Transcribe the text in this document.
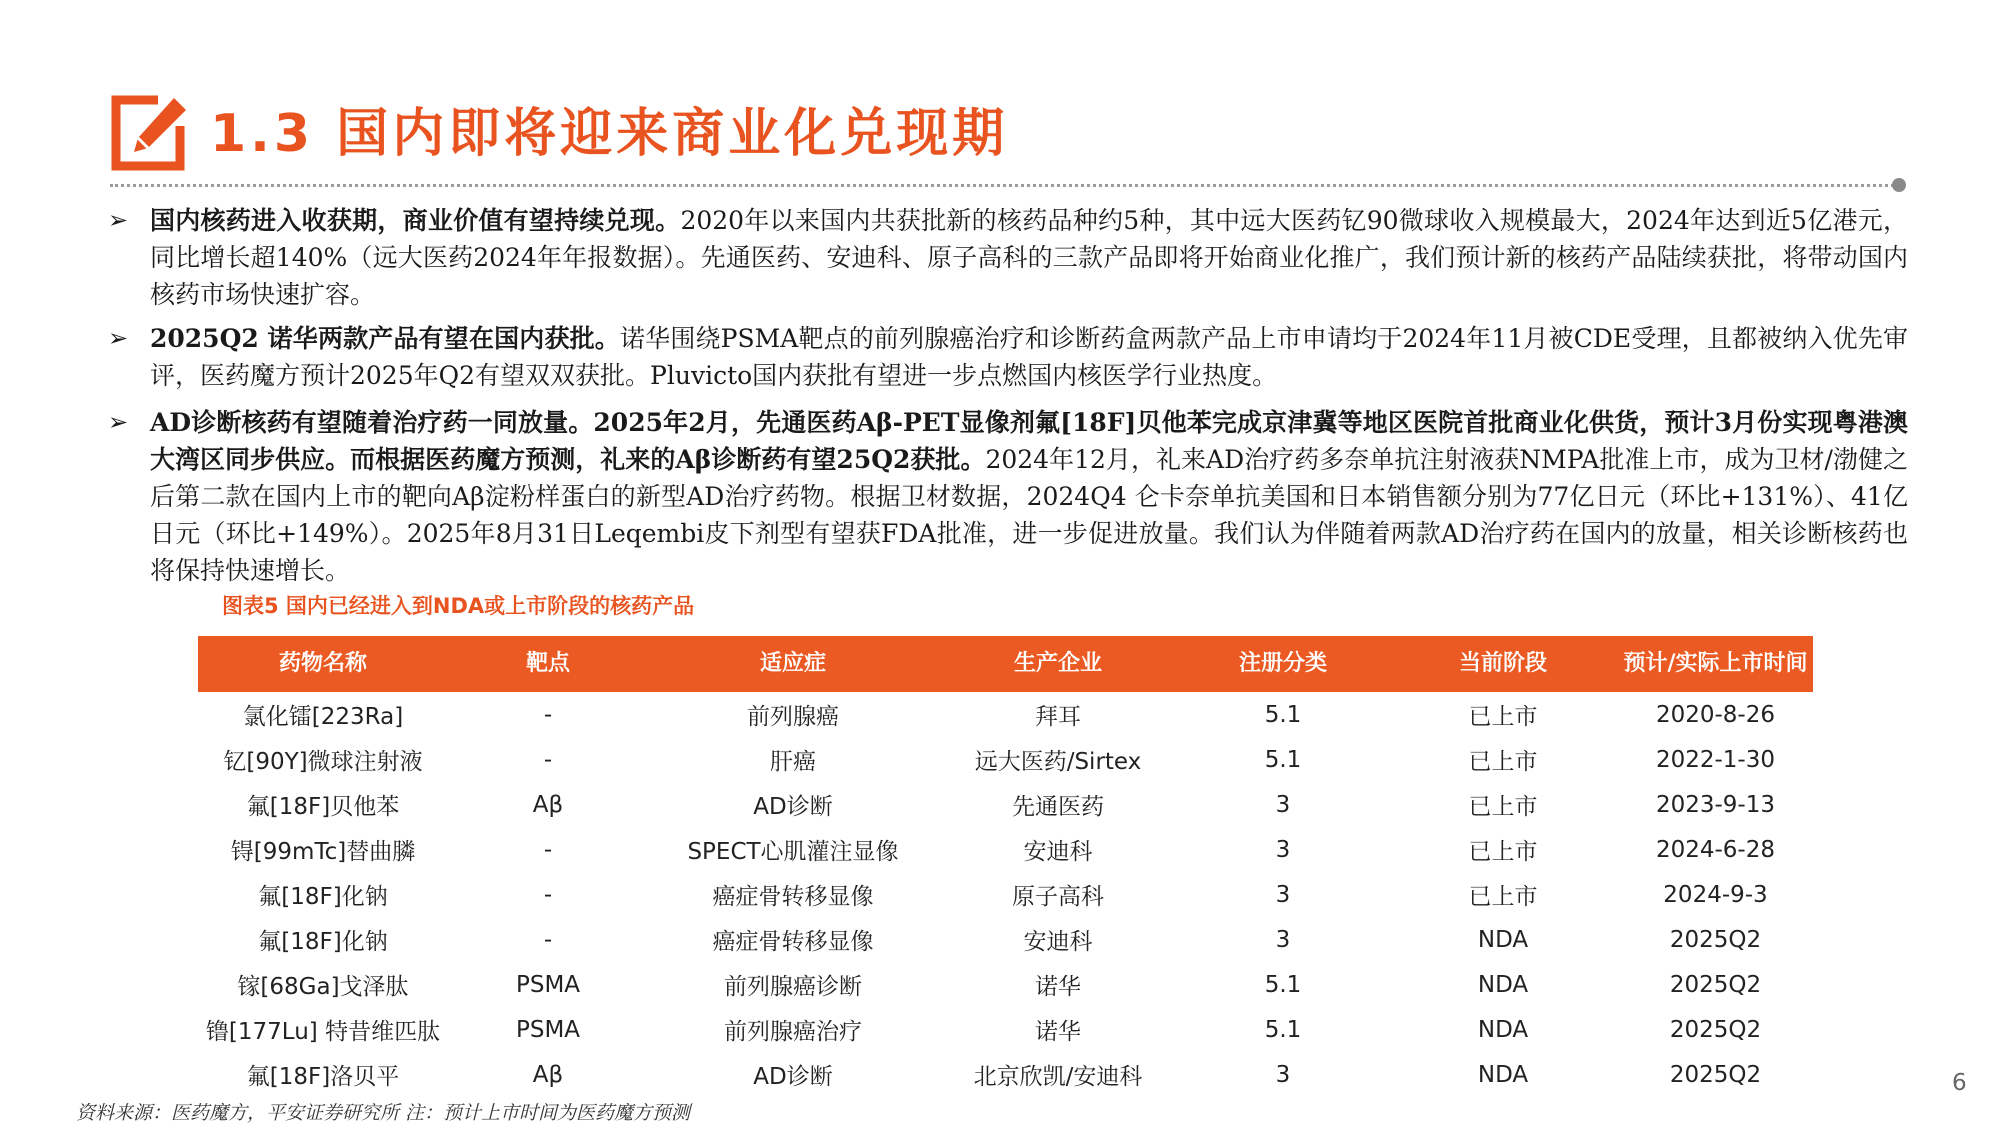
1.3 国内即将迎来商业化兑现期
➢ 国内核药进入收获期，商业价值有望持续兑现。2020年以来国内共获批新的核药品种约5种，其中远大医药钇90微球收入规模最大，2024年达到近5亿港元，同比增长超140%（远大医药2024年年报数据）。先通医药、安迪科、原子高科的三款产品即将开始商业化推广，我们预计新的核药产品陆续获批，将带动国内核药市场快速扩容。
➢ 2025Q2 诺华两款产品有望在国内获批。诺华围绕PSMA靶点的前列腺癌治疗和诊断药盒两款产品上市申请均于2024年11月被CDE受理，且都被纳入优先审评，医药魔方预计2025年Q2有望双双获批。Pluvicto国内获批有望进一步点燃国内核医学行业热度。
➢ AD诊断核药有望随着治疗药一同放量。2025年2月，先通医药Aβ-PET显像剂氟[18F]贝他苯完成京津冀等地区医院首批商业化供货，预计3月份实现粤港澳大湾区同步供应。而根据医药魔方预测，礼来的Aβ诊断药有望25Q2获批。2024年12月，礼来AD治疗药多奈单抗注射液获NMPA批准上市，成为卫材/渤健之后第二款在国内上市的靶向Aβ淀粉样蛋白的新型AD治疗药物。根据卫材数据，2024Q4 仑卡奈单抗美国和日本销售额分别为77亿日元（环比+131%）、41亿日元（环比+149%）。2025年8月31日Leqembi皮下剂型有望获FDA批准，进一步促进放量。我们认为伴随着两款AD治疗药在国内的放量，相关诊断核药也将保持快速增长。
图表5 国内已经进入到NDA或上市阶段的核药产品
药物名称	靶点	适应症	生产企业	注册分类	当前阶段	预计/实际上市时间
氯化镭[223Ra]	-	前列腺癌	拜耳	5.1	已上市	2020-8-26
钇[90Y]微球注射液	-	肝癌	远大医药/Sirtex	5.1	已上市	2022-1-30
氟[18F]贝他苯	Aβ	AD诊断	先通医药	3	已上市	2023-9-13
锝[99mTc]替曲膦	-	SPECT心肌灌注显像	安迪科	3	已上市	2024-6-28
氟[18F]化钠	-	癌症骨转移显像	原子高科	3	已上市	2024-9-3
氟[18F]化钠	-	癌症骨转移显像	安迪科	3	NDA	2025Q2
镓[68Ga]戈泽肽	PSMA	前列腺癌诊断	诺华	5.1	NDA	2025Q2
镥[177Lu] 特昔维匹肽	PSMA	前列腺癌治疗	诺华	5.1	NDA	2025Q2
氟[18F]洛贝平	Aβ	AD诊断	北京欣凯/安迪科	3	NDA	2025Q2
资料来源：医药魔方，平安证券研究所 注：预计上市时间为医药魔方预测
6
